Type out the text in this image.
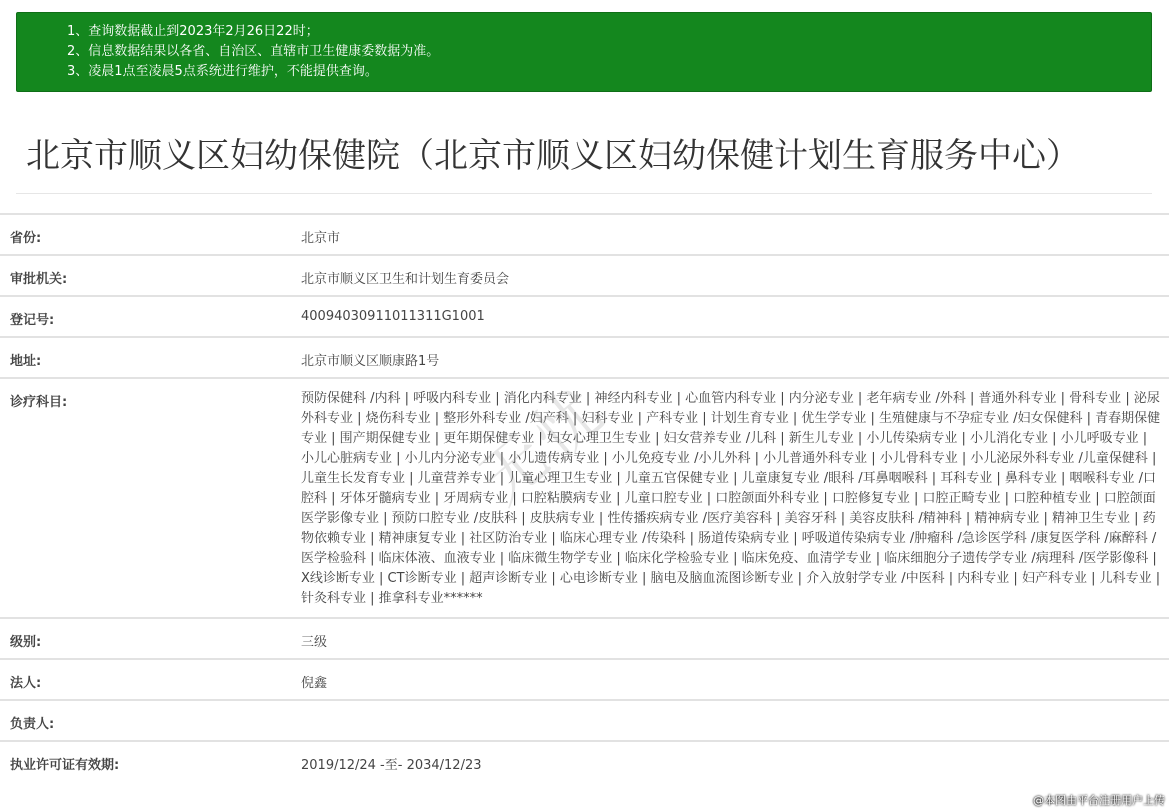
1、查询数据截止到2023年2月26日22时；
2、信息数据结果以各省、自治区、直辖市卫生健康委数据为准。
3、凌晨1点至凌晨5点系统进行维护，不能提供查询。
北京市顺义区妇幼保健院（北京市顺义区妇幼保健计划生育服务中心）
省份:	北京市
审批机关:	北京市顺义区卫生和计划生育委员会
登记号:	40094030911011311G1001
地址:	北京市顺义区顺康路1号
诊疗科目:	预防保健科 /内科 | 呼吸内科专业 | 消化内科专业 | 神经内科专业 | 心血管内科专业 | 内分泌专业 | 老年病专业 /外科 | 普通外科专业 | 骨科专业 | 泌尿外科专业 | 烧伤科专业 | 整形外科专业 /妇产科 | 妇科专业 | 产科专业 | 计划生育专业 | 优生学专业 | 生殖健康与不孕症专业 /妇女保健科 | 青春期保健专业 | 围产期保健专业 | 更年期保健专业 | 妇女心理卫生专业 | 妇女营养专业 /儿科 | 新生儿专业 | 小儿传染病专业 | 小儿消化专业 | 小儿呼吸专业 | 小儿心脏病专业 | 小儿内分泌专业 | 小儿遗传病专业 | 小儿免疫专业 /小儿外科 | 小儿普通外科专业 | 小儿骨科专业 | 小儿泌尿外科专业 /儿童保健科 | 儿童生长发育专业 | 儿童营养专业 | 儿童心理卫生专业 | 儿童五官保健专业 | 儿童康复专业 /眼科 /耳鼻咽喉科 | 耳科专业 | 鼻科专业 | 咽喉科专业 /口腔科 | 牙体牙髓病专业 | 牙周病专业 | 口腔粘膜病专业 | 儿童口腔专业 | 口腔颌面外科专业 | 口腔修复专业 | 口腔正畸专业 | 口腔种植专业 | 口腔颌面医学影像专业 | 预防口腔专业 /皮肤科 | 皮肤病专业 | 性传播疾病专业 /医疗美容科 | 美容牙科 | 美容皮肤科 /精神科 | 精神病专业 | 精神卫生专业 | 药物依赖专业 | 精神康复专业 | 社区防治专业 | 临床心理专业 /传染科 | 肠道传染病专业 | 呼吸道传染病专业 /肿瘤科 /急诊医学科 /康复医学科 /麻醉科 /医学检验科 | 临床体液、血液专业 | 临床微生物学专业 | 临床化学检验专业 | 临床免疫、血清学专业 | 临床细胞分子遗传学专业 /病理科 /医学影像科 | X线诊断专业 | CT诊断专业 | 超声诊断专业 | 心电诊断专业 | 脑电及脑血流图诊断专业 | 介入放射学专业 /中医科 | 内科专业 | 妇产科专业 | 儿科专业 | 针灸科专业 | 推拿科专业******
级别:	三级
法人:	倪鑫
负责人:	
执业许可证有效期:	2019/12/24 -至- 2034/12/23
@本图由平台注册用户上传
